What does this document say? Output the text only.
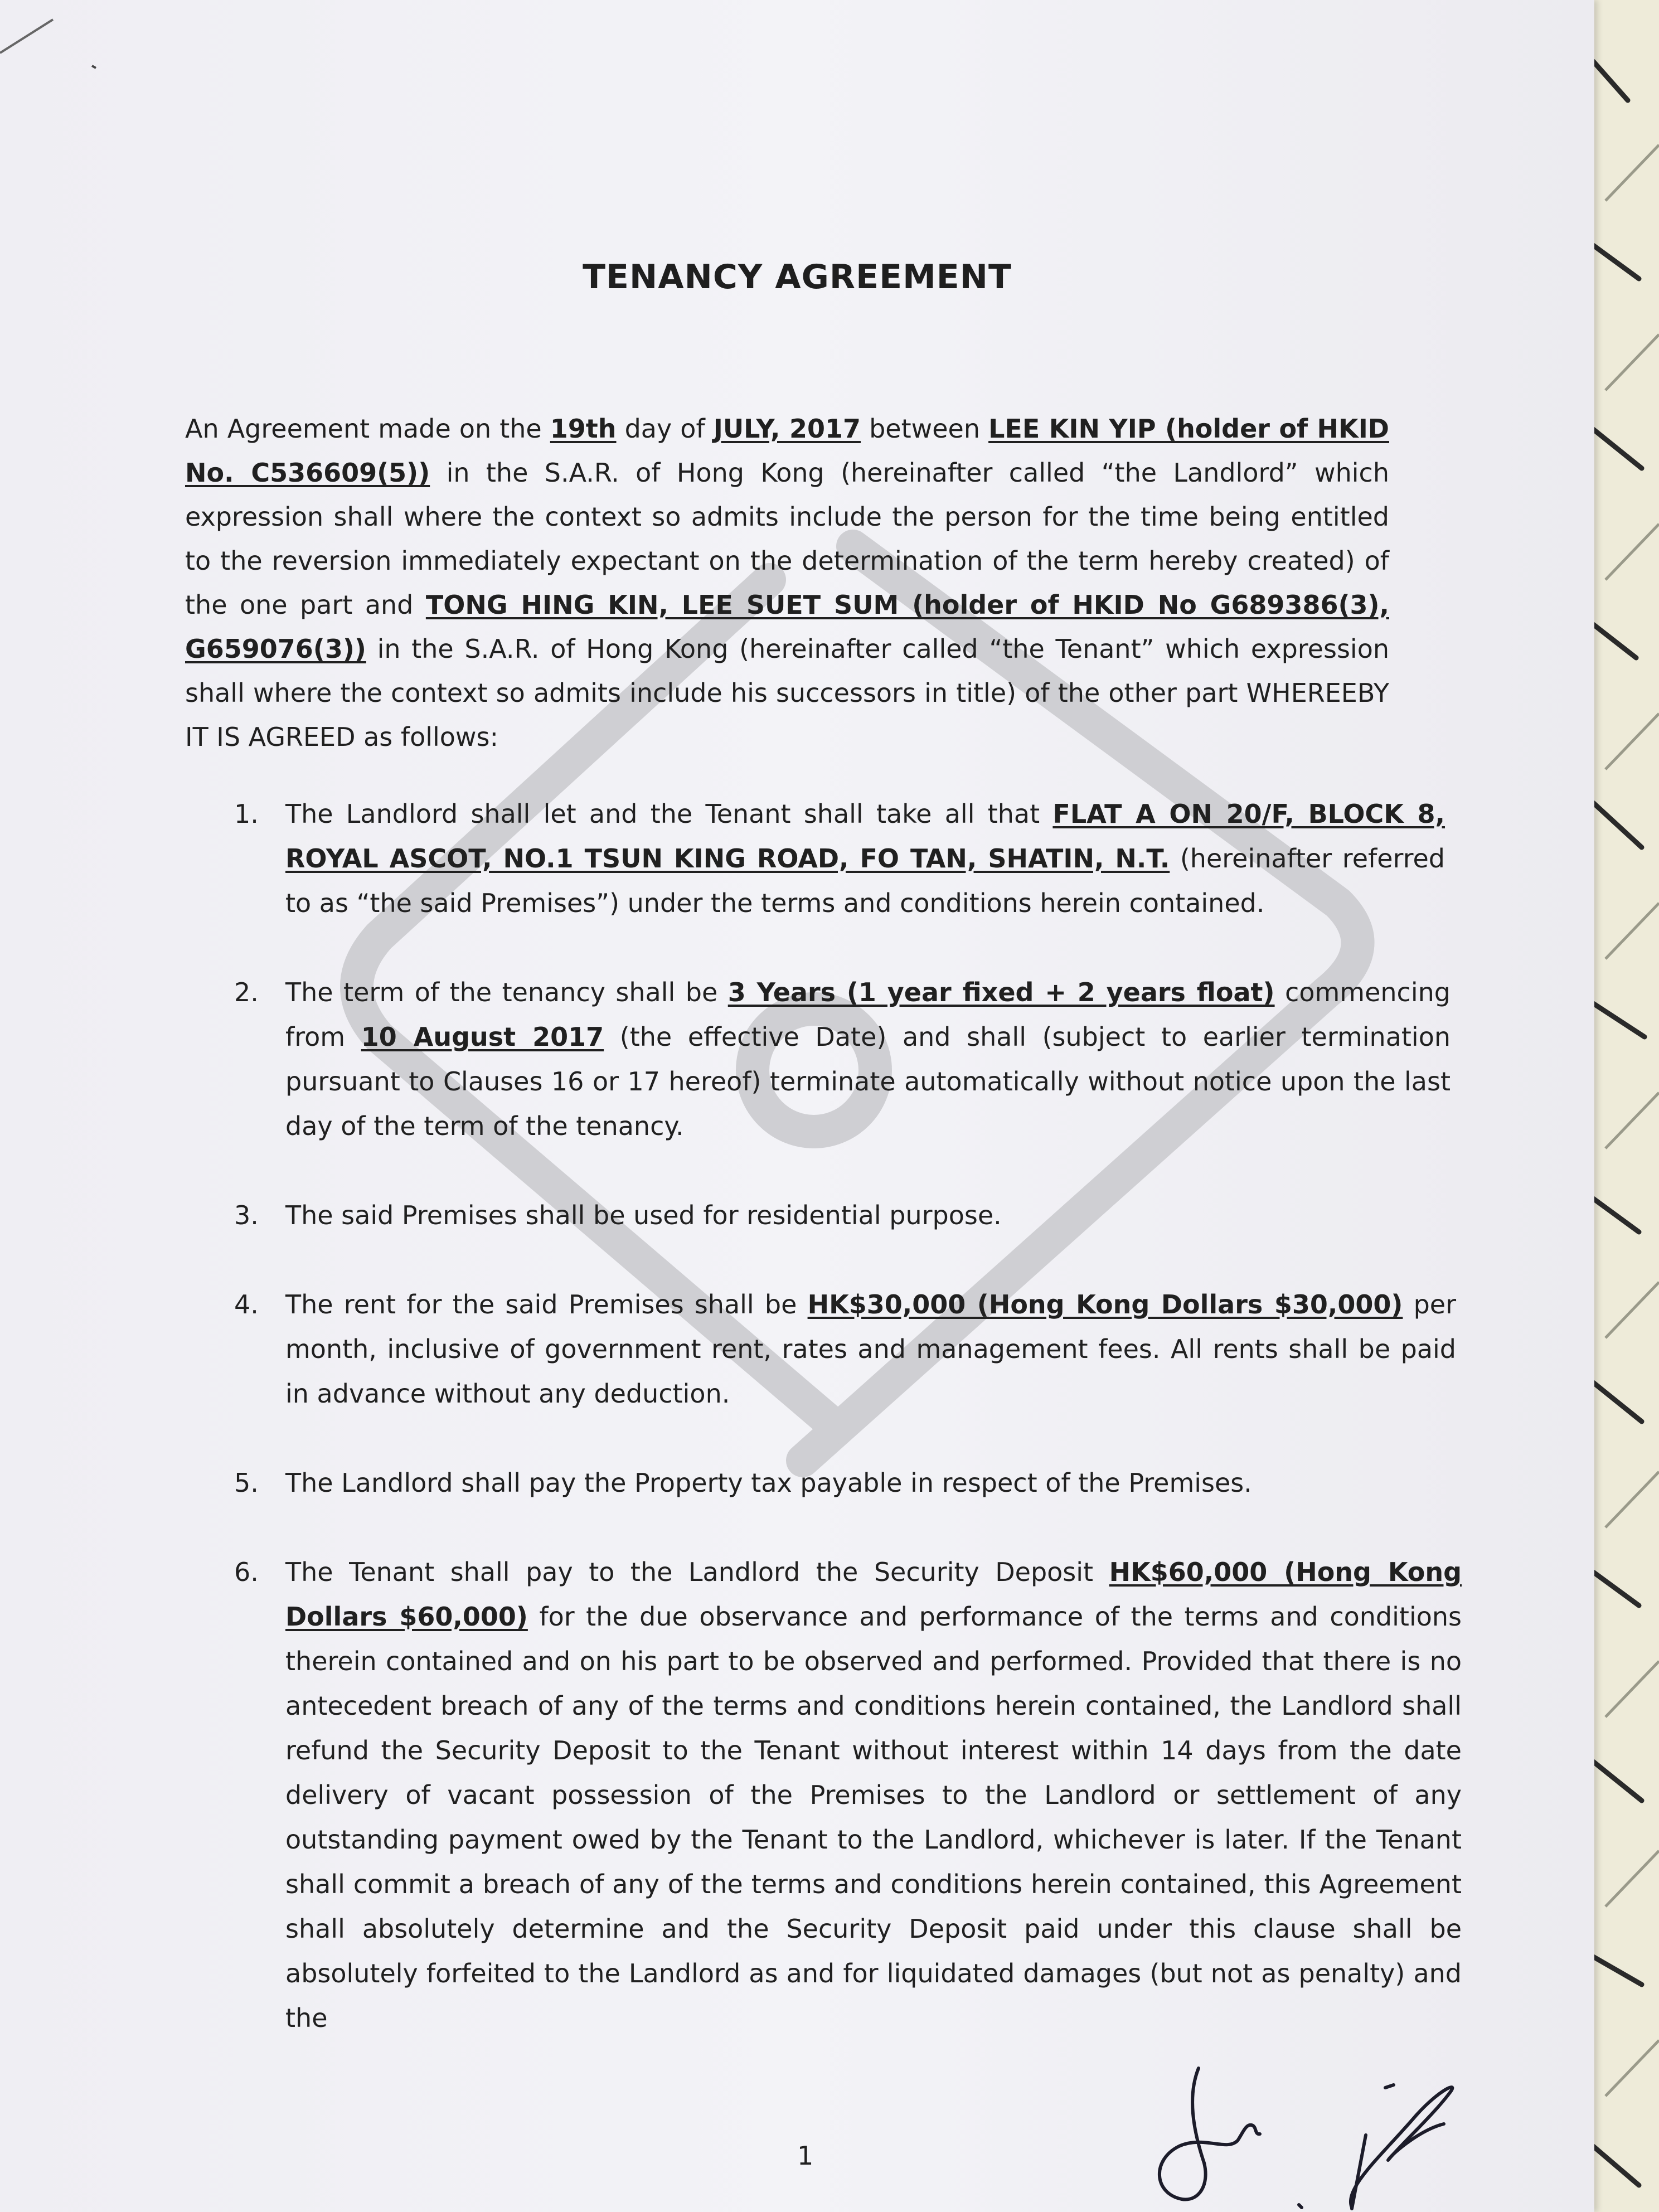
TENANCY AGREEMENT

An Agreement made on the 19th day of JULY, 2017 between LEE KIN YIP (holder of HKID No. C536609(5)) in the S.A.R. of Hong Kong (hereinafter called “the Landlord” which expression shall where the context so admits include the person for the time being entitled to the reversion immediately expectant on the determination of the term hereby created) of the one part and TONG HING KIN, LEE SUET SUM (holder of HKID No G689386(3), G659076(3)) in the S.A.R. of Hong Kong (hereinafter called “the Tenant” which expression shall where the context so admits include his successors in title) of the other part WHEREEBY IT IS AGREED as follows:

1. The Landlord shall let and the Tenant shall take all that FLAT A ON 20/F, BLOCK 8, ROYAL ASCOT, NO.1 TSUN KING ROAD, FO TAN, SHATIN, N.T. (hereinafter referred to as “the said Premises”) under the terms and conditions herein contained.
2. The term of the tenancy shall be 3 Years (1 year fixed + 2 years float) commencing from 10 August 2017 (the effective Date) and shall (subject to earlier termination pursuant to Clauses 16 or 17 hereof) terminate automatically without notice upon the last day of the term of the tenancy.
3. The said Premises shall be used for residential purpose.
4. The rent for the said Premises shall be HK$30,000 (Hong Kong Dollars $30,000) per month, inclusive of government rent, rates and management fees. All rents shall be paid in advance without any deduction.
5. The Landlord shall pay the Property tax payable in respect of the Premises.
6. The Tenant shall pay to the Landlord the Security Deposit HK$60,000 (Hong Kong Dollars $60,000) for the due observance and performance of the terms and conditions therein contained and on his part to be observed and performed. Provided that there is no antecedent breach of any of the terms and conditions herein contained, the Landlord shall refund the Security Deposit to the Tenant without interest within 14 days from the date delivery of vacant possession of the Premises to the Landlord or settlement of any outstanding payment owed by the Tenant to the Landlord, whichever is later. If the Tenant shall commit a breach of any of the terms and conditions herein contained, this Agreement shall absolutely determine and the Security Deposit paid under this clause shall be absolutely forfeited to the Landlord as and for liquidated damages (but not as penalty) and the
1
